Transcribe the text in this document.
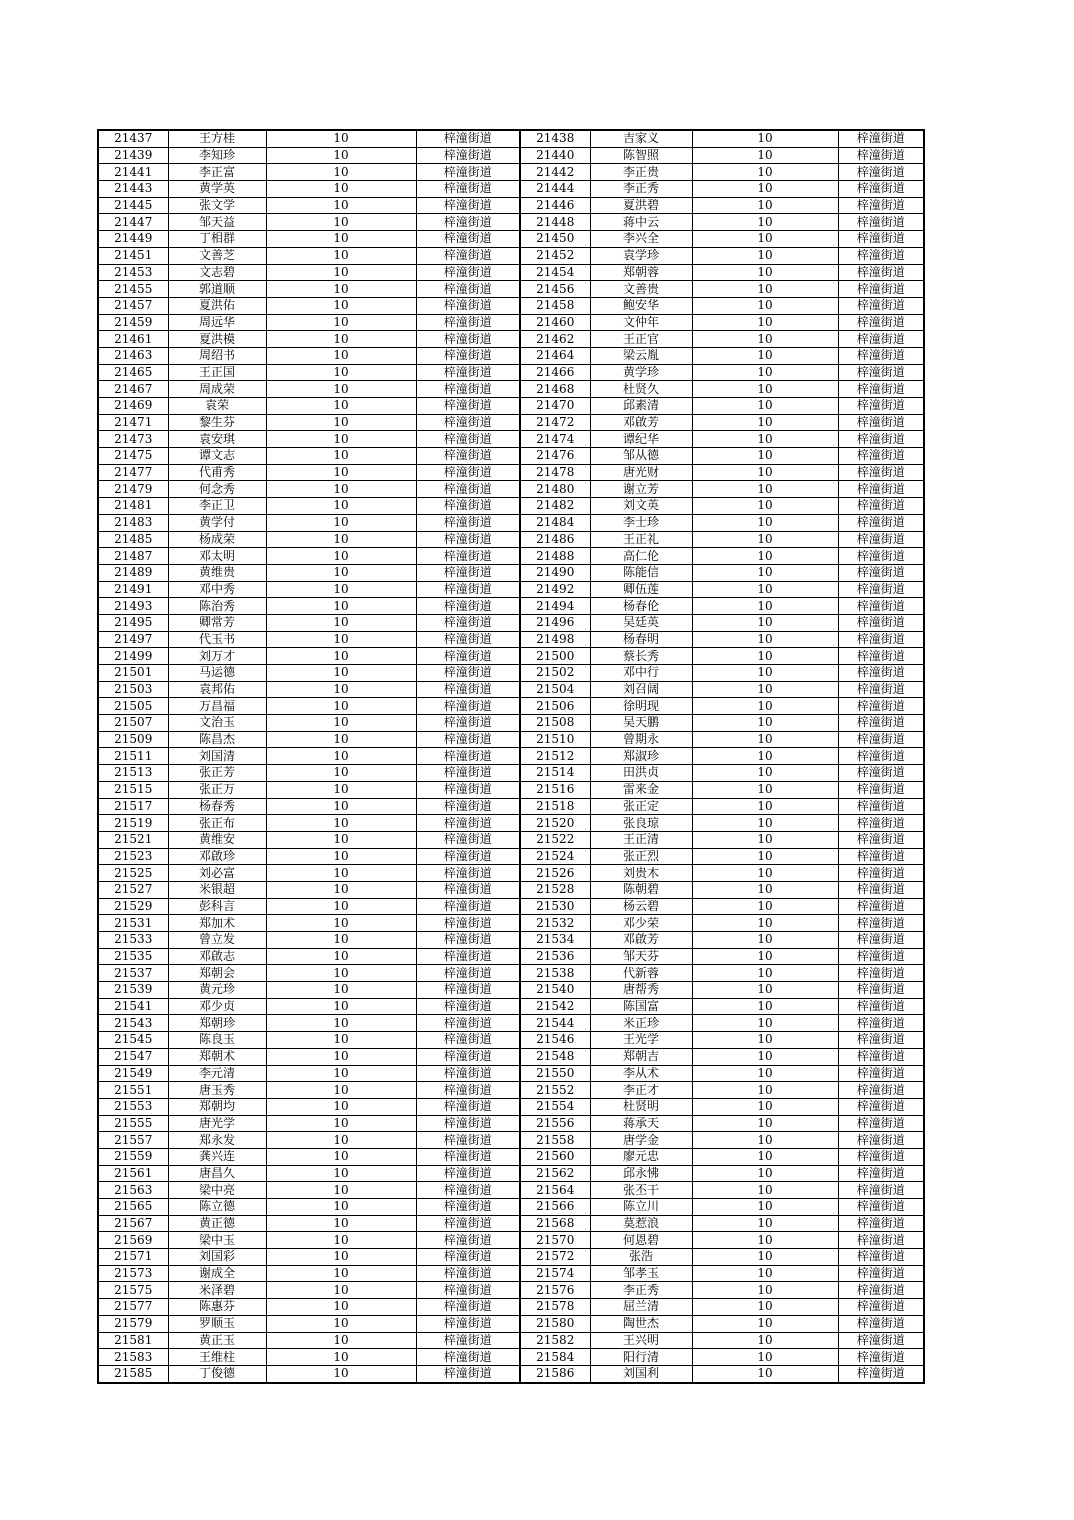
21437	王方桂	10	梓潼街道	21438	吉家义	10	梓潼街道
21439	李知珍	10	梓潼街道	21440	陈智照	10	梓潼街道
21441	李正富	10	梓潼街道	21442	李正贵	10	梓潼街道
21443	黄学英	10	梓潼街道	21444	李正秀	10	梓潼街道
21445	张文学	10	梓潼街道	21446	夏洪碧	10	梓潼街道
21447	邹天益	10	梓潼街道	21448	蒋中云	10	梓潼街道
21449	丁相群	10	梓潼街道	21450	李兴全	10	梓潼街道
21451	文善芝	10	梓潼街道	21452	袁学珍	10	梓潼街道
21453	文志碧	10	梓潼街道	21454	郑朝蓉	10	梓潼街道
21455	郭道顺	10	梓潼街道	21456	文善贵	10	梓潼街道
21457	夏洪佑	10	梓潼街道	21458	鲍安华	10	梓潼街道
21459	周远华	10	梓潼街道	21460	文仲年	10	梓潼街道
21461	夏洪模	10	梓潼街道	21462	王正官	10	梓潼街道
21463	周绍书	10	梓潼街道	21464	梁云胤	10	梓潼街道
21465	王正国	10	梓潼街道	21466	黄学珍	10	梓潼街道
21467	周成荣	10	梓潼街道	21468	杜贤久	10	梓潼街道
21469	袁荣	10	梓潼街道	21470	邱素清	10	梓潼街道
21471	黎生芬	10	梓潼街道	21472	邓啟芳	10	梓潼街道
21473	袁安琪	10	梓潼街道	21474	谭纪华	10	梓潼街道
21475	谭文志	10	梓潼街道	21476	邹从德	10	梓潼街道
21477	代甫秀	10	梓潼街道	21478	唐光财	10	梓潼街道
21479	何念秀	10	梓潼街道	21480	谢立芳	10	梓潼街道
21481	李正卫	10	梓潼街道	21482	刘文英	10	梓潼街道
21483	黄学付	10	梓潼街道	21484	李士珍	10	梓潼街道
21485	杨成荣	10	梓潼街道	21486	王正礼	10	梓潼街道
21487	邓太明	10	梓潼街道	21488	高仁伦	10	梓潼街道
21489	黄维贵	10	梓潼街道	21490	陈能信	10	梓潼街道
21491	邓中秀	10	梓潼街道	21492	卿伍莲	10	梓潼街道
21493	陈治秀	10	梓潼街道	21494	杨春伦	10	梓潼街道
21495	卿常芳	10	梓潼街道	21496	吴廷英	10	梓潼街道
21497	代玉书	10	梓潼街道	21498	杨春明	10	梓潼街道
21499	刘万才	10	梓潼街道	21500	蔡长秀	10	梓潼街道
21501	马运德	10	梓潼街道	21502	邓中行	10	梓潼街道
21503	袁邦佑	10	梓潼街道	21504	刘召阔	10	梓潼街道
21505	万昌福	10	梓潼街道	21506	徐明现	10	梓潼街道
21507	文治玉	10	梓潼街道	21508	吴天鹏	10	梓潼街道
21509	陈昌杰	10	梓潼街道	21510	曾期永	10	梓潼街道
21511	刘国清	10	梓潼街道	21512	郑淑珍	10	梓潼街道
21513	张正芳	10	梓潼街道	21514	田洪贞	10	梓潼街道
21515	张正万	10	梓潼街道	21516	雷来金	10	梓潼街道
21517	杨春秀	10	梓潼街道	21518	张正定	10	梓潼街道
21519	张正布	10	梓潼街道	21520	张良琼	10	梓潼街道
21521	黄维安	10	梓潼街道	21522	王正清	10	梓潼街道
21523	邓啟珍	10	梓潼街道	21524	张正烈	10	梓潼街道
21525	刘必富	10	梓潼街道	21526	刘贵木	10	梓潼街道
21527	米银超	10	梓潼街道	21528	陈朝碧	10	梓潼街道
21529	彭科言	10	梓潼街道	21530	杨云碧	10	梓潼街道
21531	郑加术	10	梓潼街道	21532	邓少荣	10	梓潼街道
21533	曾立发	10	梓潼街道	21534	邓啟芳	10	梓潼街道
21535	邓啟志	10	梓潼街道	21536	邹天芬	10	梓潼街道
21537	郑朝会	10	梓潼街道	21538	代新蓉	10	梓潼街道
21539	黄元珍	10	梓潼街道	21540	唐帮秀	10	梓潼街道
21541	邓少贞	10	梓潼街道	21542	陈国富	10	梓潼街道
21543	郑朝珍	10	梓潼街道	21544	米正珍	10	梓潼街道
21545	陈良玉	10	梓潼街道	21546	王光学	10	梓潼街道
21547	郑朝术	10	梓潼街道	21548	郑朝吉	10	梓潼街道
21549	李元清	10	梓潼街道	21550	李从术	10	梓潼街道
21551	唐玉秀	10	梓潼街道	21552	李正才	10	梓潼街道
21553	郑朝均	10	梓潼街道	21554	杜贤明	10	梓潼街道
21555	唐光学	10	梓潼街道	21556	蒋承天	10	梓潼街道
21557	郑永发	10	梓潼街道	21558	唐学金	10	梓潼街道
21559	龚兴连	10	梓潼街道	21560	廖元忠	10	梓潼街道
21561	唐昌久	10	梓潼街道	21562	邱永怫	10	梓潼街道
21563	梁中亮	10	梓潼街道	21564	张丕干	10	梓潼街道
21565	陈立德	10	梓潼街道	21566	陈立川	10	梓潼街道
21567	黄正德	10	梓潼街道	21568	莫惹浪	10	梓潼街道
21569	梁中玉	10	梓潼街道	21570	何恩碧	10	梓潼街道
21571	刘国彩	10	梓潼街道	21572	张浩	10	梓潼街道
21573	谢成全	10	梓潼街道	21574	邹孝玉	10	梓潼街道
21575	米泽碧	10	梓潼街道	21576	李正秀	10	梓潼街道
21577	陈惠芬	10	梓潼街道	21578	屈兰清	10	梓潼街道
21579	罗顺玉	10	梓潼街道	21580	陶世杰	10	梓潼街道
21581	黄正玉	10	梓潼街道	21582	王兴明	10	梓潼街道
21583	王维柱	10	梓潼街道	21584	阳行清	10	梓潼街道
21585	丁俊德	10	梓潼街道	21586	刘国利	10	梓潼街道
